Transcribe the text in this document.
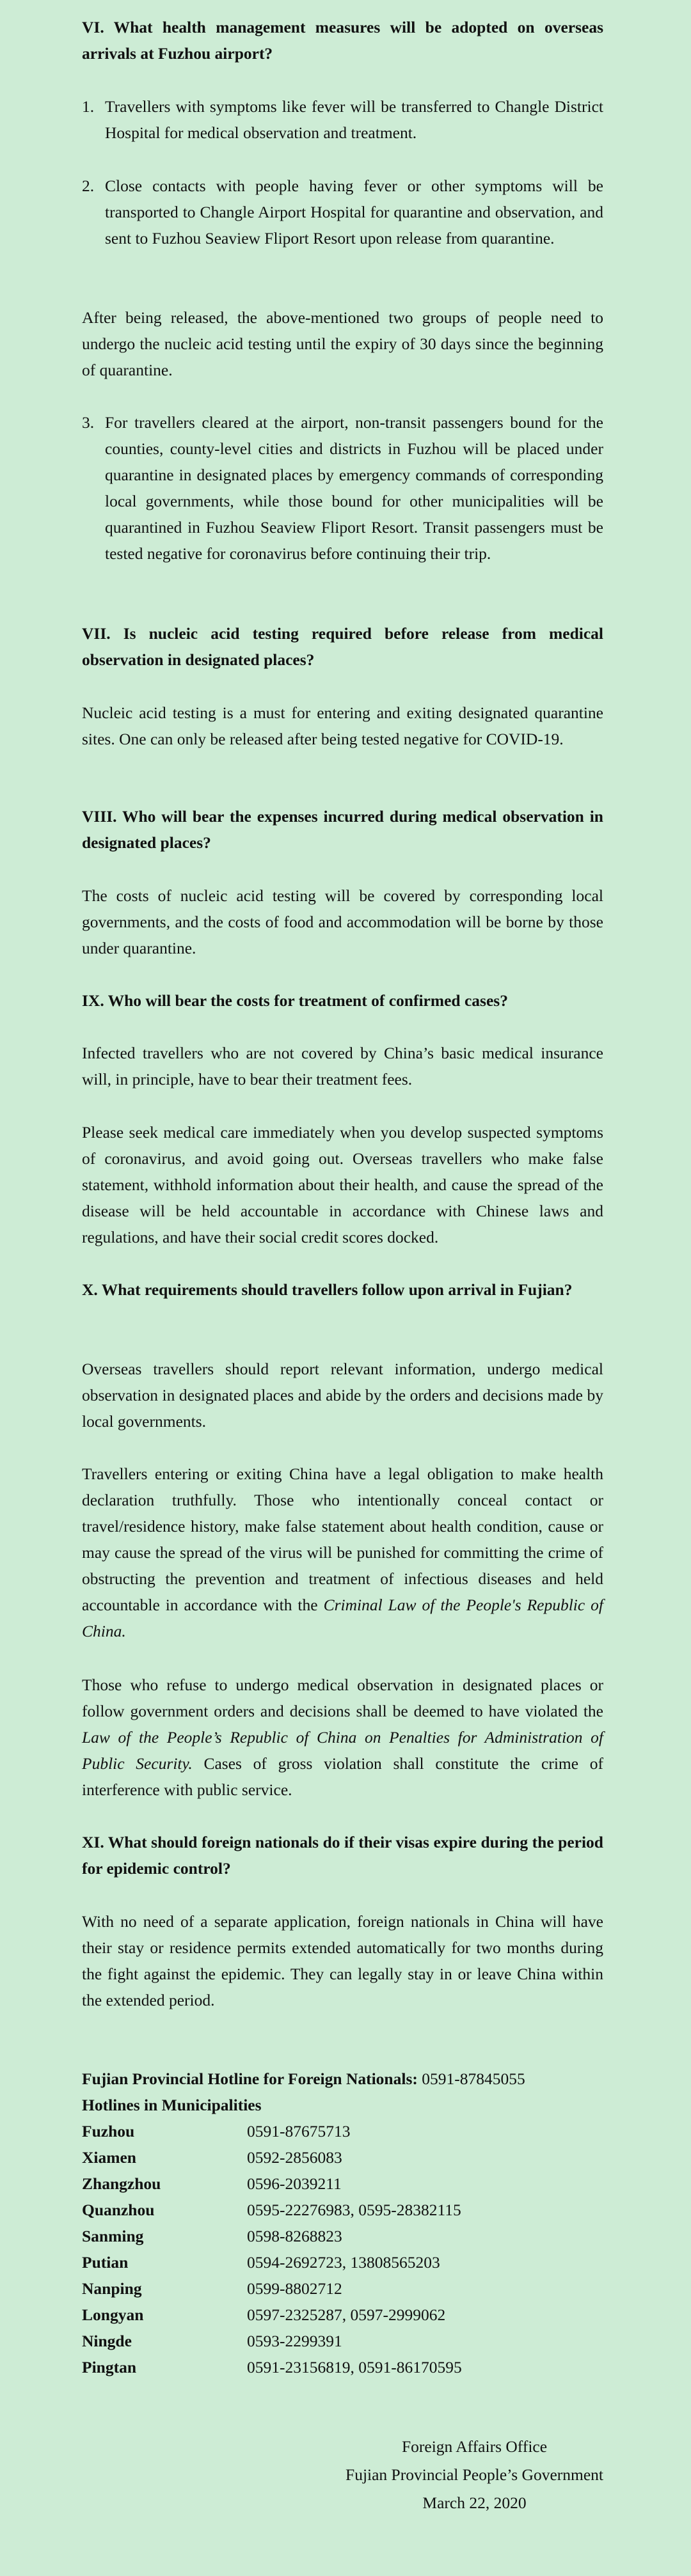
VI. What health management measures will be adopted on overseas arrivals at Fuzhou airport?

1. Travellers with symptoms like fever will be transferred to Changle District Hospital for medical observation and treatment.

2. Close contacts with people having fever or other symptoms will be transported to Changle Airport Hospital for quarantine and observation, and sent to Fuzhou Seaview Fliport Resort upon release from quarantine.

After being released, the above-mentioned two groups of people need to undergo the nucleic acid testing until the expiry of 30 days since the beginning of quarantine.

3. For travellers cleared at the airport, non-transit passengers bound for the counties, county-level cities and districts in Fuzhou will be placed under quarantine in designated places by emergency commands of corresponding local governments, while those bound for other municipalities will be quarantined in Fuzhou Seaview Fliport Resort. Transit passengers must be tested negative for coronavirus before continuing their trip.

VII. Is nucleic acid testing required before release from medical observation in designated places?

Nucleic acid testing is a must for entering and exiting designated quarantine sites. One can only be released after being tested negative for COVID-19.

VIII. Who will bear the expenses incurred during medical observation in designated places?

The costs of nucleic acid testing will be covered by corresponding local governments, and the costs of food and accommodation will be borne by those under quarantine.

IX. Who will bear the costs for treatment of confirmed cases?

Infected travellers who are not covered by China’s basic medical insurance will, in principle, have to bear their treatment fees.

Please seek medical care immediately when you develop suspected symptoms of coronavirus, and avoid going out. Overseas travellers who make false statement, withhold information about their health, and cause the spread of the disease will be held accountable in accordance with Chinese laws and regulations, and have their social credit scores docked.

X. What requirements should travellers follow upon arrival in Fujian?

Overseas travellers should report relevant information, undergo medical observation in designated places and abide by the orders and decisions made by local governments.

Travellers entering or exiting China have a legal obligation to make health declaration truthfully. Those who intentionally conceal contact or travel/residence history, make false statement about health condition, cause or may cause the spread of the virus will be punished for committing the crime of obstructing the prevention and treatment of infectious diseases and held accountable in accordance with the Criminal Law of the People's Republic of China.

Those who refuse to undergo medical observation in designated places or follow government orders and decisions shall be deemed to have violated the Law of the People’s Republic of China on Penalties for Administration of Public Security. Cases of gross violation shall constitute the crime of interference with public service.

XI. What should foreign nationals do if their visas expire during the period for epidemic control?

With no need of a separate application, foreign nationals in China will have their stay or residence permits extended automatically for two months during the fight against the epidemic. They can legally stay in or leave China within the extended period.

Fujian Provincial Hotline for Foreign Nationals: 0591-87845055
Hotlines in Municipalities
Fuzhou	0591-87675713
Xiamen	0592-2856083
Zhangzhou	0596-2039211
Quanzhou	0595-22276983, 0595-28382115
Sanming	0598-8268823
Putian	0594-2692723, 13808565203
Nanping	0599-8802712
Longyan	0597-2325287, 0597-2999062
Ningde	0593-2299391
Pingtan	0591-23156819, 0591-86170595
Foreign Affairs Office
Fujian Provincial People’s Government
March 22, 2020
